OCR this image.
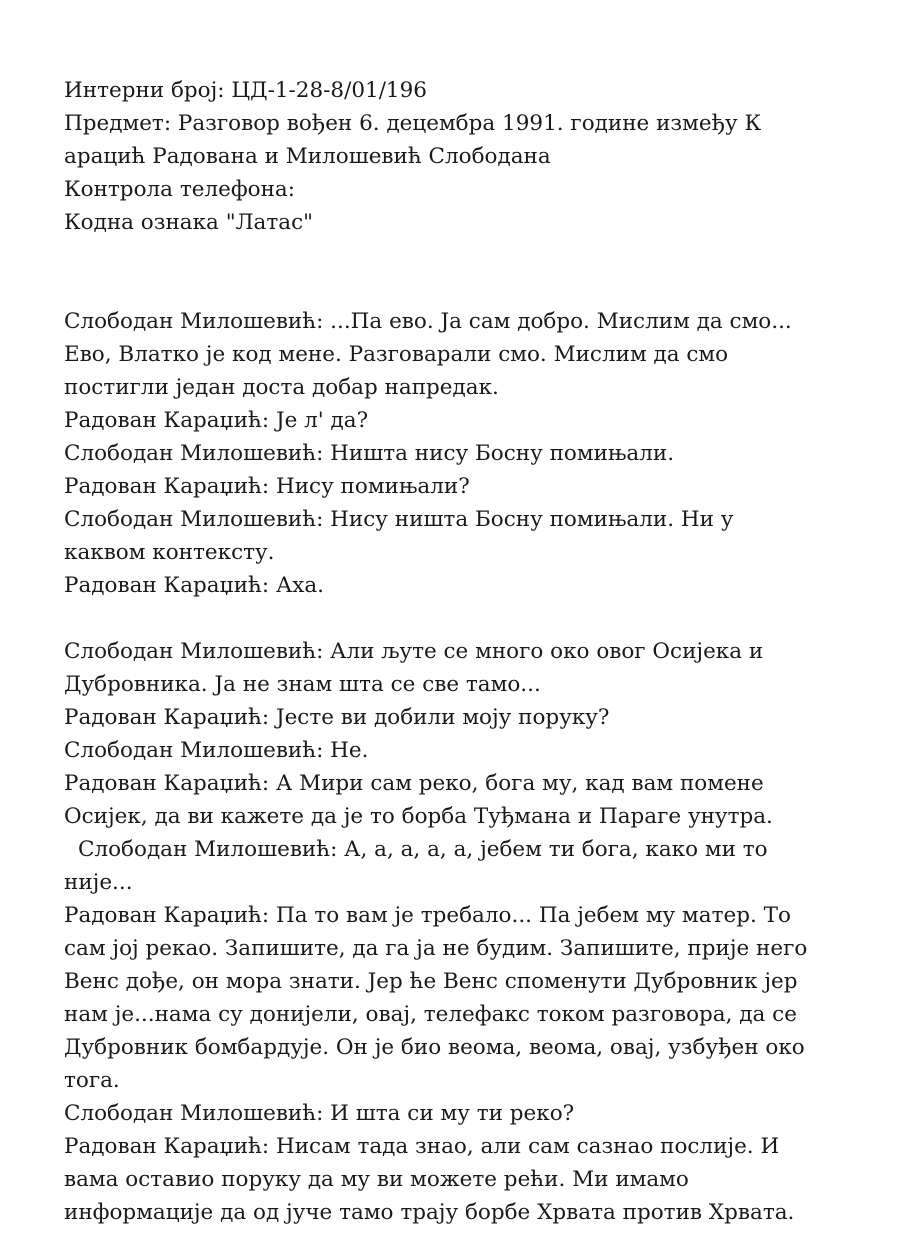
Интерни број: ЦД-1-28-8/01/196
Предмет: Разговор вођен 6. децембра 1991. године између К
арацић Радована и Милошевић Слободана
Контрола телефона:
Кодна ознака "Латас"
Слободан Милошевић: ...Па ево. Ја сам добро. Мислим да смо...
Ево, Влатко је код мене. Разговарали смо. Мислим да смо
постигли један доста добар напредак.
Радован Караџић: Је л' да?
Слободан Милошевић: Ништа нису Босну помињали.
Радован Караџић: Нису помињали?
Слободан Милошевић: Нису ништа Босну помињали. Ни у
каквом контексту.
Радован Караџић: Аха.
Слободан Милошевић: Али љуте се много око овог Осијека и
Дубровника. Ја не знам шта се све тамо...
Радован Караџић: Јесте ви добили моју поруку?
Слободан Милошевић: Не.
Радован Караџић: А Мири сам реко, бога му, кад вам помене
Осијек, да ви кажете да је то борба Туђмана и Параге унутра.
Слободан Милошевић: А, а, а, а, а, јебем ти бога, како ми то
није...
Радован Караџић: Па то вам је требало... Па јебем му матер. То
сам јој рекао. Запишите, да га ја не будим. Запишите, прије него
Венс дође, он мора знати. Јер ће Венс споменути Дубровник јер
нам је...нама су донијели, овај, телефакс током разговора, да се
Дубровник бомбардује. Он је био веома, веома, овај, узбуђен око
тога.
Слободан Милошевић: И шта си му ти реко?
Радован Караџић: Нисам тада знао, али сам сазнао послије. И
вама оставио поруку да му ви можете рећи. Ми имамо
информације да од јуче тамо трају борбе Хрвата против Хрвата.
